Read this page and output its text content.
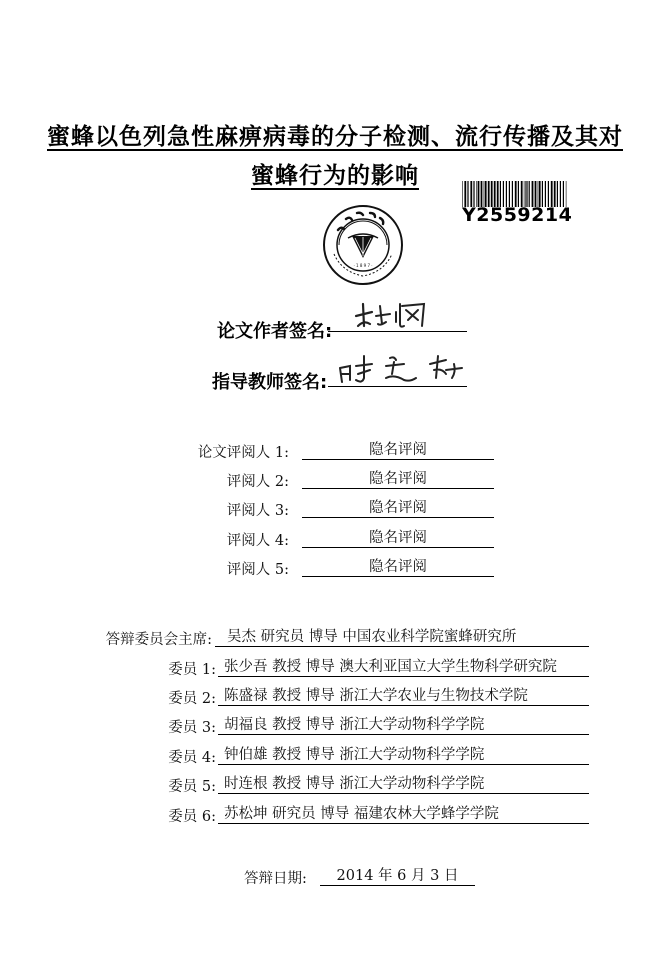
蜜蜂以色列急性麻痹病毒的分子检测、流行传播及其对
蜜蜂行为的影响
Y2559214
· 1 8 9 7 ·
论文作者签名:
指导教师签名:
论文评阅人 1:	隐名评阅
评阅人 2:	隐名评阅
评阅人 3:	隐名评阅
评阅人 4:	隐名评阅
评阅人 5:	隐名评阅
答辩委员会主席:	吴杰 研究员 博导 中国农业科学院蜜蜂研究所
委员 1: 张少吾 教授 博导 澳大利亚国立大学生物科学研究院
委员 2: 陈盛禄 教授 博导 浙江大学农业与生物技术学院
委员 3: 胡福良 教授 博导 浙江大学动物科学学院
委员 4: 钟伯雄 教授 博导 浙江大学动物科学学院
委员 5: 时连根 教授 博导 浙江大学动物科学学院
委员 6: 苏松坤 研究员 博导 福建农林大学蜂学学院
答辩日期:	2014 年 6 月 3 日
